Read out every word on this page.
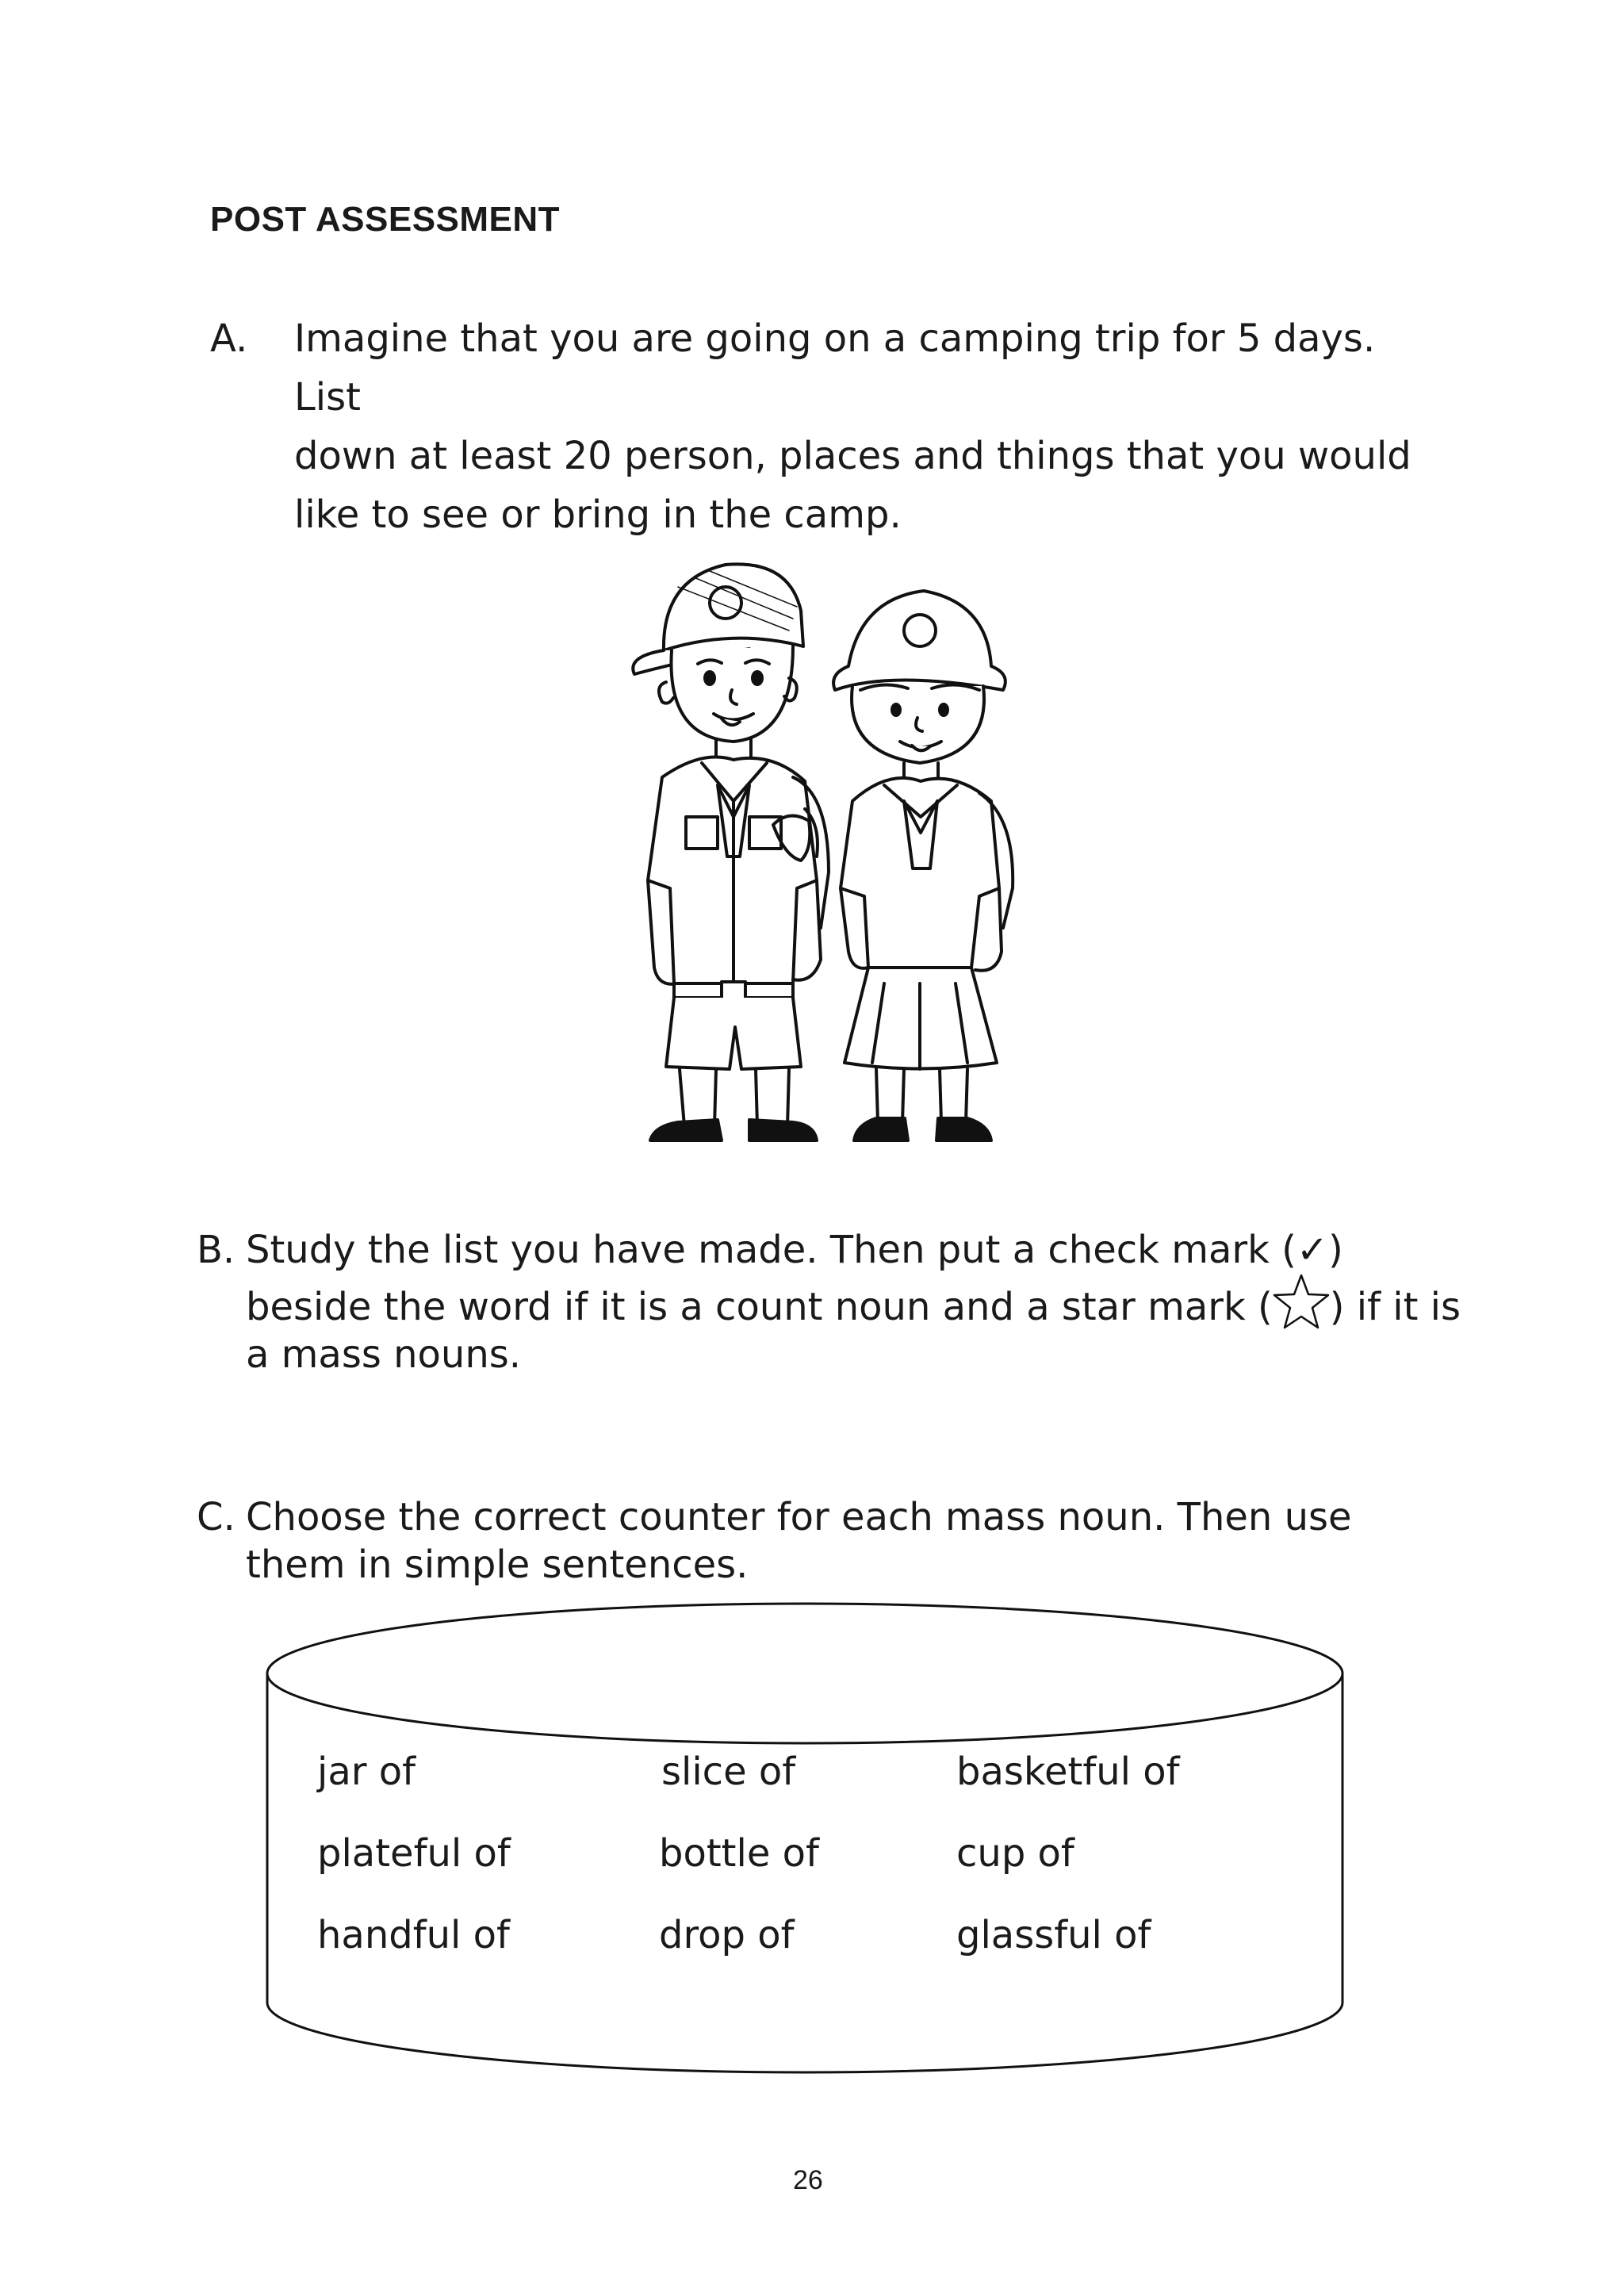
POST ASSESSMENT
A. Imagine that you are going on a camping trip for 5 days. List
down at least 20 person, places and things that you would
like to see or bring in the camp.
B. Study the list you have made. Then put a check mark (✓)
beside the word if it is a count noun and a star mark ( ) if it is
a mass nouns.
C. Choose the correct counter for each mass noun. Then use
them in simple sentences.
jar of	slice of	basketful of
plateful of	bottle of	cup of
handful of	drop of	glassful of
26
